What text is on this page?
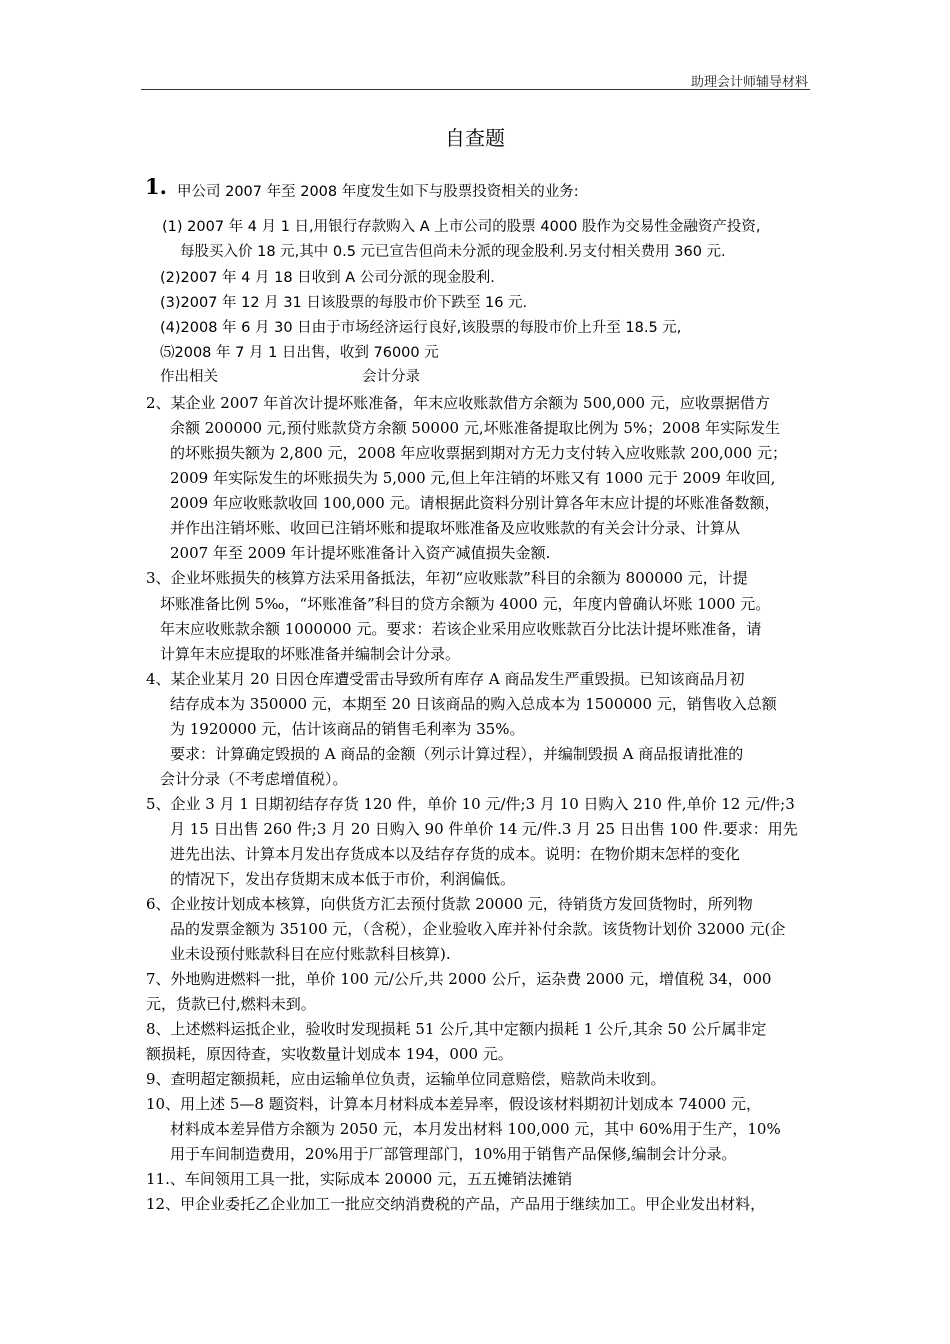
助理会计师辅导材料
自查题
1. 甲公司 2007 年至 2008 年度发生如下与股票投资相关的业务:
(1) 2007 年 4 月 1 日,用银行存款购入 A 上市公司的股票 4000 股作为交易性金融资产投资,
每股买入价 18 元,其中 0.5 元已宣告但尚未分派的现金股利.另支付相关费用 360 元.
(2)2007 年 4 月 18 日收到 A 公司分派的现金股利.
(3)2007 年 12 月 31 日该股票的每股市价下跌至 16 元.
(4)2008 年 6 月 30 日由于市场经济运行良好,该股票的每股市价上升至 18.5 元,
⑸2008 年 7 月 1 日出售，收到 76000 元
作出相关	会计分录
2、某企业 2007 年首次计提坏账准备，年末应收账款借方余额为 500,000 元，应收票据借方
余额 200000 元,预付账款贷方余额 50000 元,坏账准备提取比例为 5%；2008 年实际发生
的坏账损失额为 2,800 元，2008 年应收票据到期对方无力支付转入应收账款 200,000 元；
2009 年实际发生的坏账损失为 5,000 元,但上年注销的坏账又有 1000 元于 2009 年收回,
2009 年应收账款收回 100,000 元。请根据此资料分别计算各年末应计提的坏账准备数额，
并作出注销坏账、收回已注销坏账和提取坏账准备及应收账款的有关会计分录、计算从
2007 年至 2009 年计提坏账准备计入资产减值损失金额.
3、企业坏账损失的核算方法采用备抵法，年初“应收账款”科目的余额为 800000 元，计提
坏账准备比例 5‰，“坏账准备”科目的贷方余额为 4000 元，年度内曾确认坏账 1000 元。
年末应收账款余额 1000000 元。要求：若该企业采用应收账款百分比法计提坏账准备，请
计算年末应提取的坏账准备并编制会计分录。
4、某企业某月 20 日因仓库遭受雷击导致所有库存 A 商品发生严重毁损。已知该商品月初
结存成本为 350000 元，本期至 20 日该商品的购入总成本为 1500000 元，销售收入总额
为 1920000 元，估计该商品的销售毛利率为 35%。
要求：计算确定毁损的 A 商品的金额（列示计算过程），并编制毁损 A 商品报请批准的
会计分录（不考虑增值税）。
5、企业 3 月 1 日期初结存存货 120 件，单价 10 元/件;3 月 10 日购入 210 件,单价 12 元/件;3
月 15 日出售 260 件;3 月 20 日购入 90 件单价 14 元/件.3 月 25 日出售 100 件.要求：用先
进先出法、计算本月发出存货成本以及结存存货的成本。说明：在物价期末怎样的变化
的情况下，发出存货期末成本低于市价，利润偏低。
6、企业按计划成本核算，向供货方汇去预付货款 20000 元，待销货方发回货物时，所列物
品的发票金额为 35100 元，（含税），企业验收入库并补付余款。该货物计划价 32000 元(企
业未设预付账款科目在应付账款科目核算).
7、外地购进燃料一批，单价 100 元/公斤,共 2000 公斤，运杂费 2000 元，增值税 34，000
元，货款已付,燃料未到。
8、上述燃料运抵企业，验收时发现损耗 51 公斤,其中定额内损耗 1 公斤,其余 50 公斤属非定
额损耗，原因待查，实收数量计划成本 194，000 元。
9、查明超定额损耗，应由运输单位负责，运输单位同意赔偿，赔款尚未收到。
10、用上述 5—8 题资料，计算本月材料成本差异率，假设该材料期初计划成本 74000 元，
材料成本差异借方余额为 2050 元，本月发出材料 100,000 元，其中 60%用于生产，10%
用于车间制造费用，20%用于厂部管理部门，10%用于销售产品保修,编制会计分录。
11.、车间领用工具一批，实际成本 20000 元，五五摊销法摊销
12、甲企业委托乙企业加工一批应交纳消费税的产品，产品用于继续加工。甲企业发出材料，
